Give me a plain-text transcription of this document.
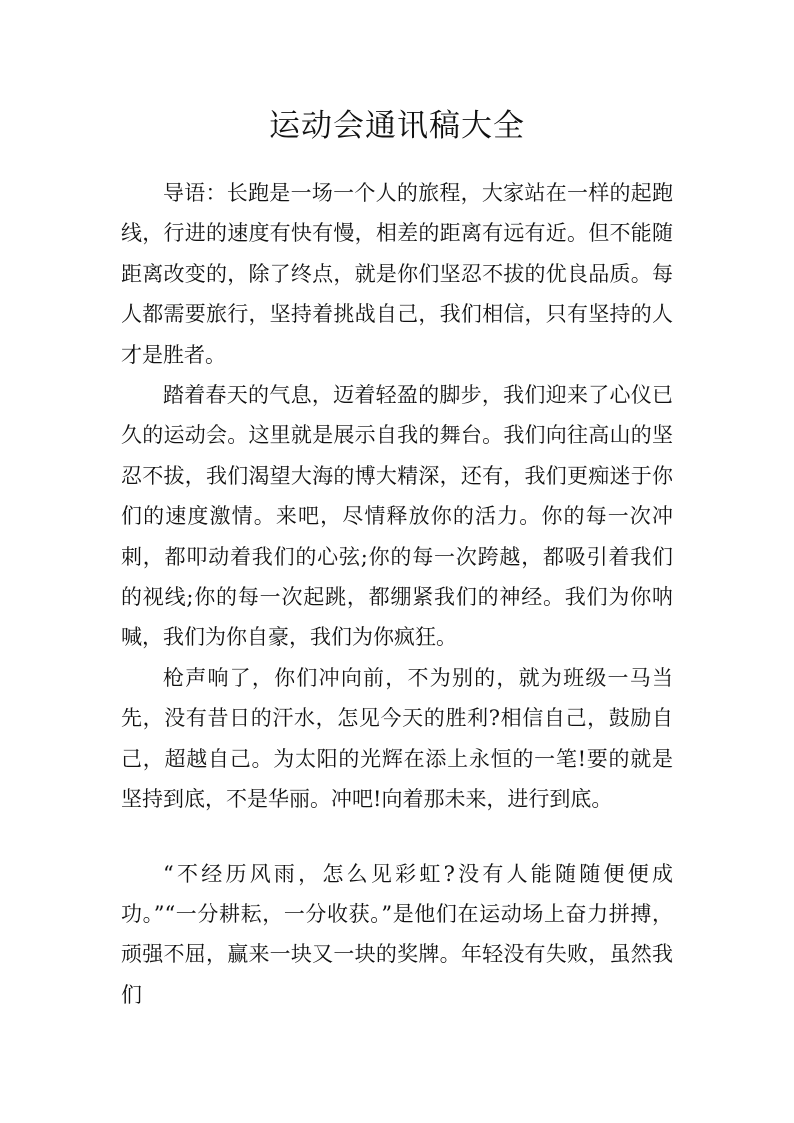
运动会通讯稿大全

导语：长跑是一场一个人的旅程，大家站在一样的起跑线，行进的速度有快有慢，相差的距离有远有近。但不能随距离改变的，除了终点，就是你们坚忍不拔的优良品质。每人都需要旅行，坚持着挑战自己，我们相信，只有坚持的人才是胜者。

踏着春天的气息，迈着轻盈的脚步，我们迎来了心仪已久的运动会。这里就是展示自我的舞台。我们向往高山的坚忍不拔，我们渴望大海的博大精深，还有，我们更痴迷于你们的速度激情。来吧，尽情释放你的活力。你的每一次冲刺，都叩动着我们的心弦;你的每一次跨越，都吸引着我们的视线;你的每一次起跳，都绷紧我们的神经。我们为你呐喊，我们为你自豪，我们为你疯狂。

枪声响了，你们冲向前，不为别的，就为班级一马当先，没有昔日的汗水，怎见今天的胜利?相信自己，鼓励自己，超越自己。为太阳的光辉在添上永恒的一笔!要的就是坚持到底，不是华丽。冲吧!向着那未来，进行到底。

“不经历风雨，怎么见彩虹?没有人能随随便便成功。”“一分耕耘，一分收获。”是他们在运动场上奋力拼搏，顽强不屈，赢来一块又一块的奖牌。年轻没有失败，虽然我们
